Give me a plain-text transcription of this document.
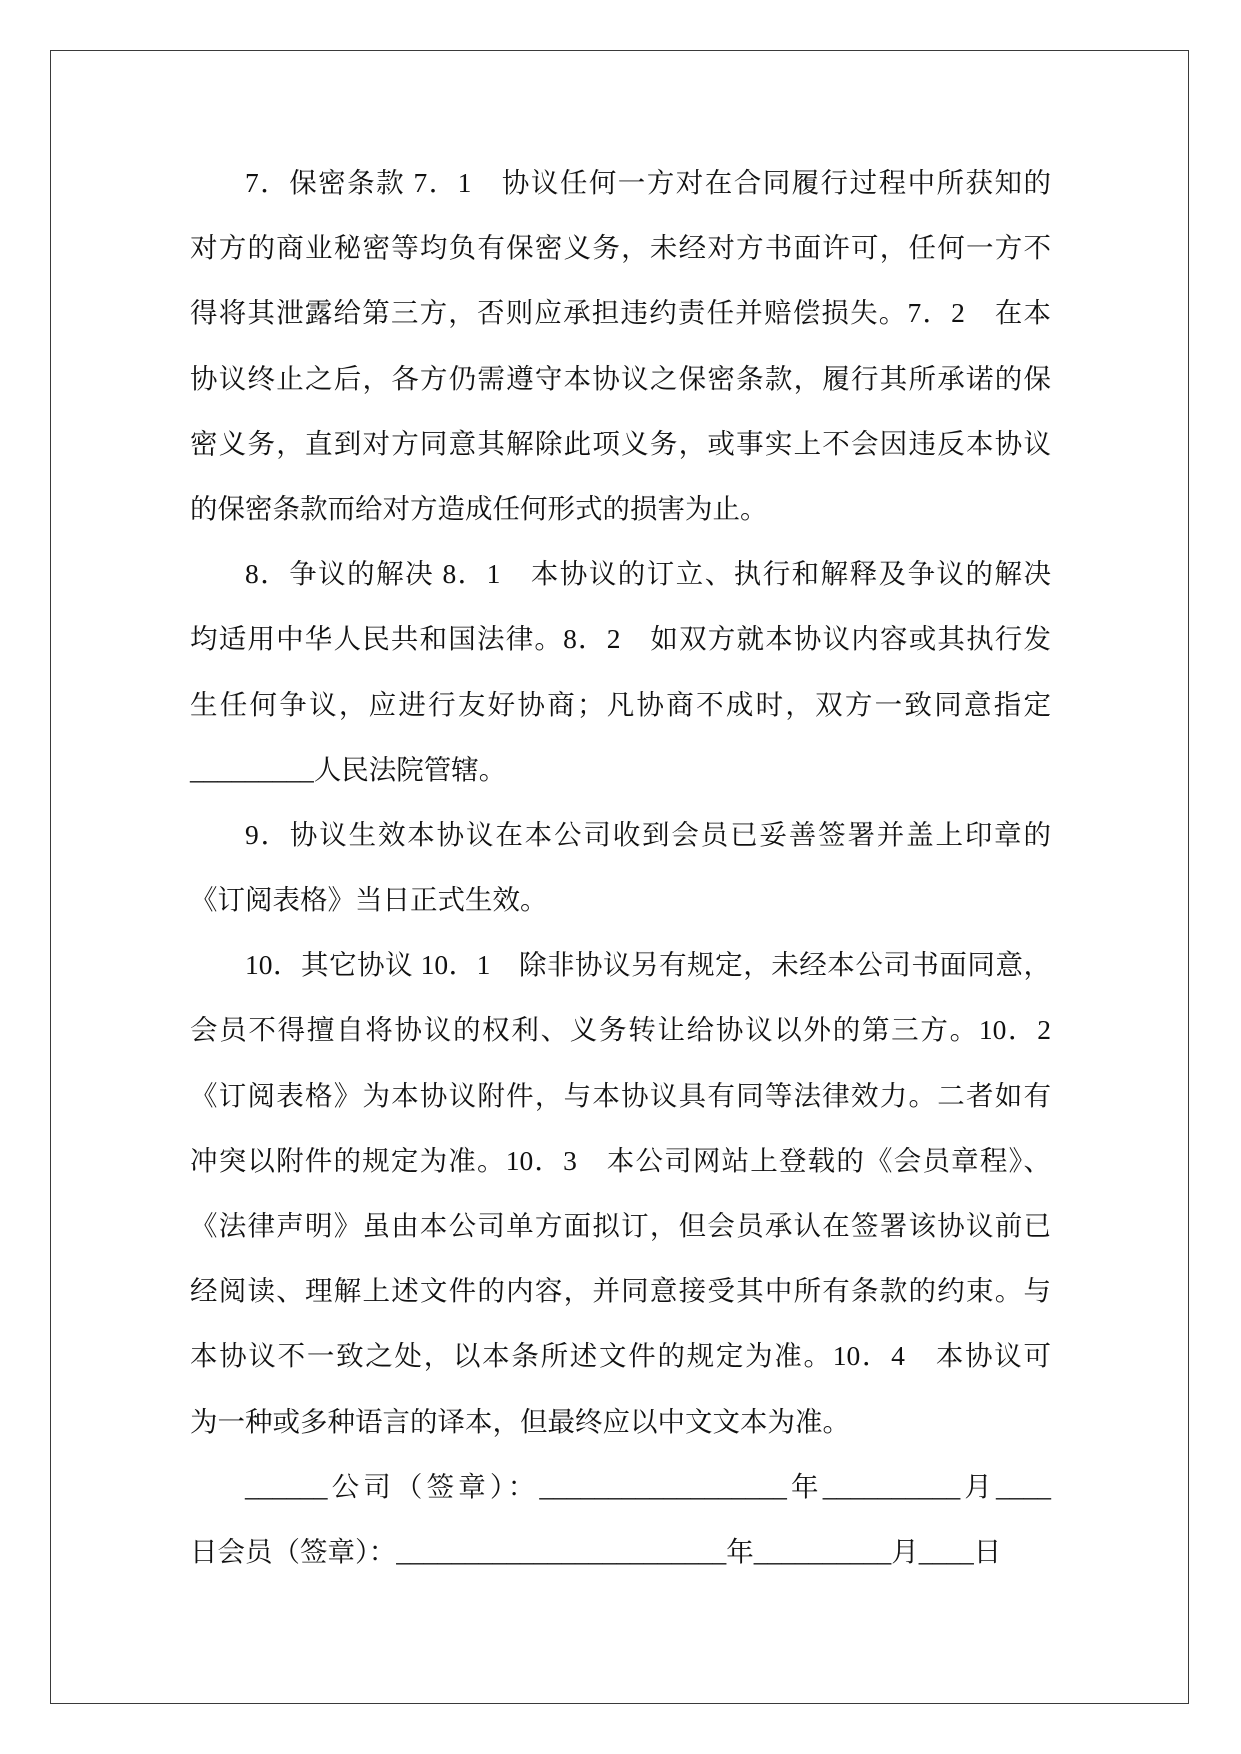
7．保密条款 7．1　协议任何一方对在合同履行过程中所获知的
对方的商业秘密等均负有保密义务，未经对方书面许可，任何一方不
得将其泄露给第三方，否则应承担违约责任并赔偿损失。7．2　在本
协议终止之后，各方仍需遵守本协议之保密条款，履行其所承诺的保
密义务，直到对方同意其解除此项义务，或事实上不会因违反本协议
的保密条款而给对方造成任何形式的损害为止。
8．争议的解决 8．1　本协议的订立、执行和解释及争议的解决
均适用中华人民共和国法律。8．2　如双方就本协议内容或其执行发
生任何争议，应进行友好协商；凡协商不成时，双方一致同意指定
_________人民法院管辖。
9．协议生效本协议在本公司收到会员已妥善签署并盖上印章的
《订阅表格》当日正式生效。
10．其它协议 10．1　除非协议另有规定，未经本公司书面同意，
会员不得擅自将协议的权利、义务转让给协议以外的第三方。10．2
《订阅表格》为本协议附件，与本协议具有同等法律效力。二者如有
冲突以附件的规定为准。10．3　本公司网站上登载的《会员章程》、
《法律声明》虽由本公司单方面拟订，但会员承认在签署该协议前已
经阅读、理解上述文件的内容，并同意接受其中所有条款的约束。与
本协议不一致之处，以本条所述文件的规定为准。10．4　本协议可
为一种或多种语言的译本，但最终应以中文文本为准。
______公司（签章）：__________________年__________月____
日会员（签章）：________________________年__________月____日
